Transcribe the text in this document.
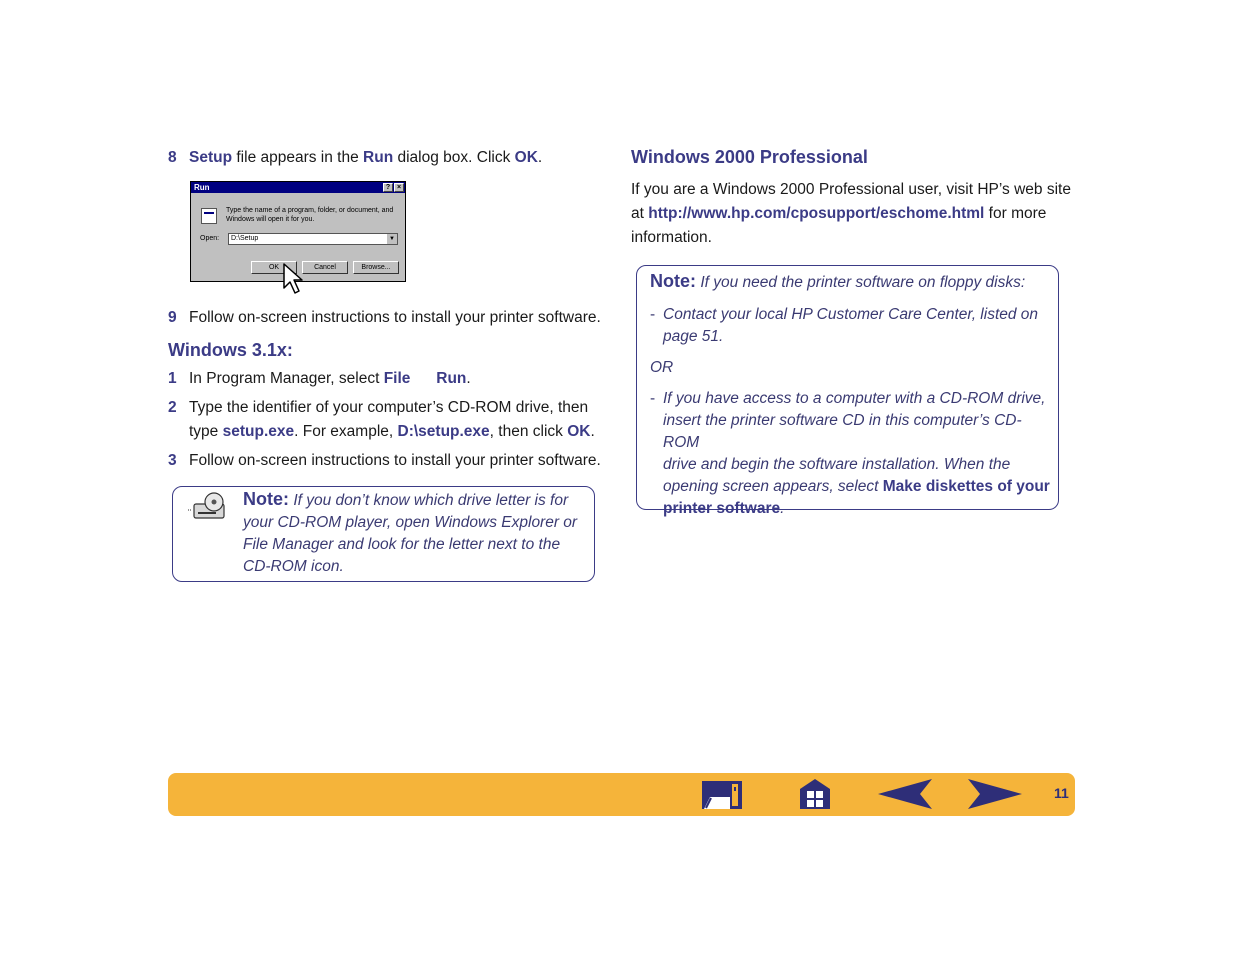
8 Setup file appears in the Run dialog box. Click OK.
Run	? ×
Type the name of a program, folder, or document, and
Windows will open it for you.
Open:	D:\Setup	▼
OK	Cancel	Browse...
9 Follow on-screen instructions to install your printer software.
Windows 3.1x:
1 In Program Manager, select File Run.
2 Type the identifier of your computer’s CD-ROM drive, then
type setup.exe. For example, D:\setup.exe, then click OK.
3 Follow on-screen instructions to install your printer software.
Note: If you don’t know which drive letter is for
your CD-ROM player, open Windows Explorer or
File Manager and look for the letter next to the
CD-ROM icon.
Windows 2000 Professional
If you are a Windows 2000 Professional user, visit HP’s web site
at http://www.hp.com/cposupport/eschome.html for more
information.
Note: If you need the printer software on floppy disks:
- Contact your local HP Customer Care Center, listed on
page 51.
OR
- If you have access to a computer with a CD-ROM drive,
insert the printer software CD in this computer’s CD-ROM
drive and begin the software installation. When the
opening screen appears, select Make diskettes of your
printer software.
11
